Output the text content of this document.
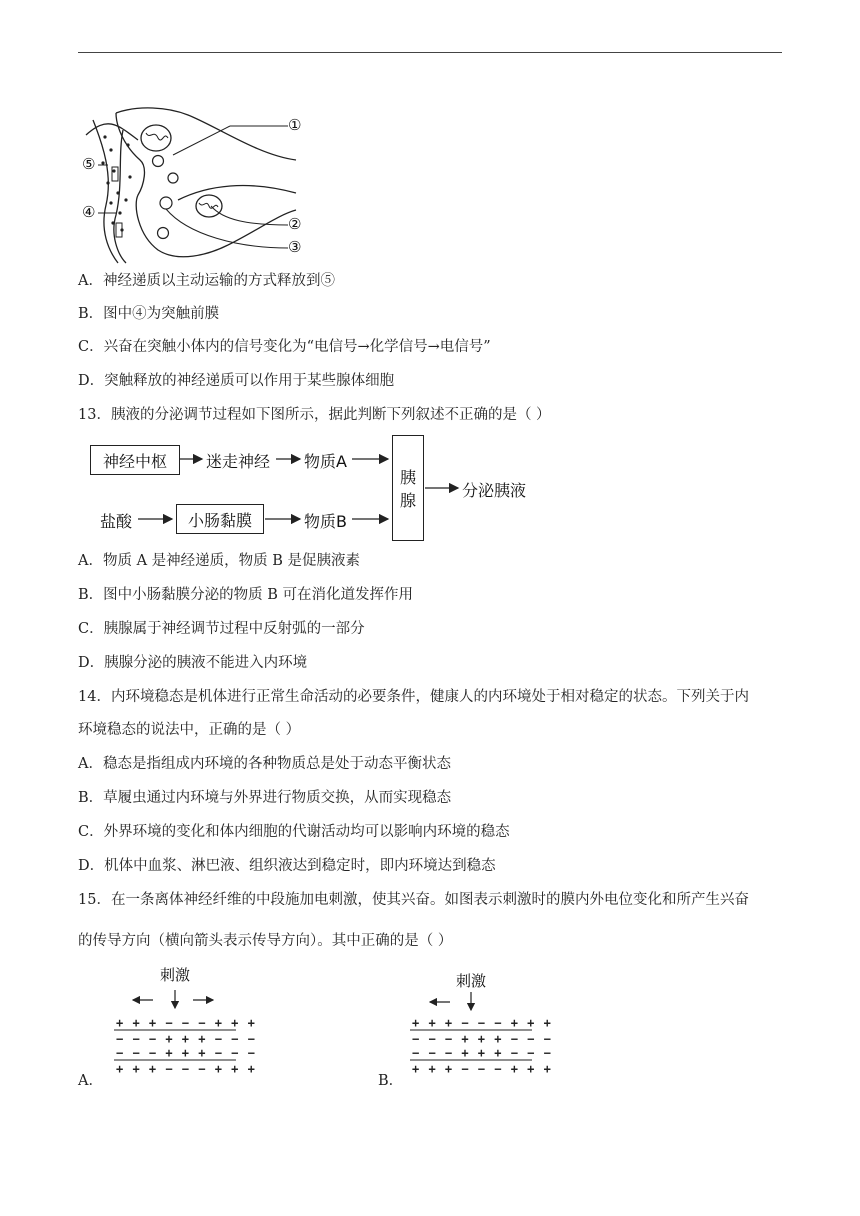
①
②
③
④
⑤
A．神经递质以主动运输的方式释放到⑤
B．图中④为突触前膜
C．兴奋在突触小体内的信号变化为“电信号→化学信号→电信号”
D．突触释放的神经递质可以作用于某些腺体细胞
13．胰液的分泌调节过程如下图所示，据此判断下列叙述不正确的是（ ）
神经中枢	迷走神经 物质A
胰
腺
分泌胰液
盐酸	小肠黏膜	物质B
A．物质 A 是神经递质，物质 B 是促胰液素
B．图中小肠黏膜分泌的物质 B 可在消化道发挥作用
C．胰腺属于神经调节过程中反射弧的一部分
D．胰腺分泌的胰液不能进入内环境
14．内环境稳态是机体进行正常生命活动的必要条件，健康人的内环境处于相对稳定的状态。下列关于内
环境稳态的说法中，正确的是（ ）
A．稳态是指组成内环境的各种物质总是处于动态平衡状态
B．草履虫通过内环境与外界进行物质交换，从而实现稳态
C．外界环境的变化和体内细胞的代谢活动均可以影响内环境的稳态
D．机体中血浆、淋巴液、组织液达到稳定时，即内环境达到稳态
15．在一条离体神经纤维的中段施加电刺激，使其兴奋。如图表示刺激时的膜内外电位变化和所产生兴奋
的传导方向（横向箭头表示传导方向）。其中正确的是（ ）
刺激
+ + + − − − + + +
− − − + + + − − −
− − − + + + − − −
+ + + − − − + + +
A．
刺激
+ + + − − − + + +
− − − + + + − − −
− − − + + + − − −
+ + + − − − + + +
B．
